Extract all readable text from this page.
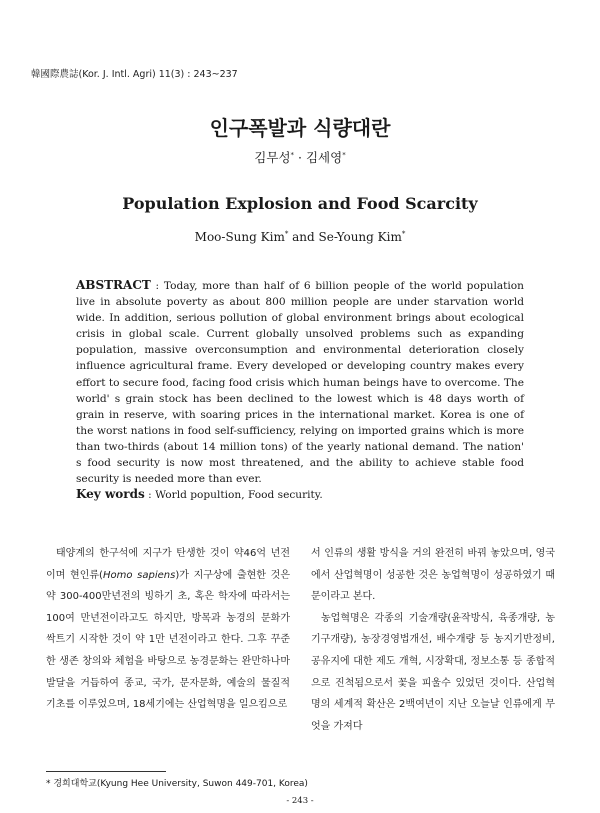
韓國際農誌(Kor. J. Intl. Agri) 11(3) : 243~237
인구폭발과 식량대란
김무성* · 김세영*
Population Explosion and Food Scarcity
Moo-Sung Kim* and Se-Young Kim*
ABSTRACT : Today, more than half of 6 billion people of the world population live in absolute poverty as about 800 million people are under starvation world wide. In addition, serious pollution of global environment brings about ecological crisis in global scale. Current globally unsolved problems such as expanding population, massive overconsumption and environmental deterioration closely influence agricultural frame. Every developed or developing country makes every effort to secure food, facing food crisis which human beings have to overcome. The world' s grain stock has been declined to the lowest which is 48 days worth of grain in reserve, with soaring prices in the international market. Korea is one of the worst nations in food self-sufficiency, relying on imported grains which is more than two-thirds (about 14 million tons) of the yearly national demand. The nation' s food security is now most threatened, and the ability to achieve stable food security is needed more than ever.
Key words : World popultion, Food security.

태양계의 한구석에 지구가 탄생한 것이 약46억 년전이며 현인류(Homo sapiens)가 지구상에 출현한 것은 약 300-400만년전의 빙하기 초, 혹은 학자에 따라서는 100여 만년전이라고도 하지만, 방목과 농경의 문화가 싹트기 시작한 것이 약 1만 년전이라고 한다. 그후 꾸준한 생존 창의와 체험을 바탕으로 농경문화는 완만하나마 발달을 거듭하여 종교, 국가, 문자문화, 예술의 물질적 기초를 이루었으며, 18세기에는 산업혁명을 일으킴으로

서 인류의 생활 방식을 거의 완전히 바꿔 놓았으며, 영국에서 산업혁명이 성공한 것은 농업혁명이 성공하였기 때문이라고 본다.

농업혁명은 각종의 기술개량(윤작방식, 육종개량, 농기구개량), 농장경영법개선, 배수개량 등 농지기반정비, 공유지에 대한 제도 개혁, 시장확대, 정보소통 등 종합적으로 진척됨으로서 꽃을 피울수 있었던 것이다. 산업혁명의 세계적 확산은 2백여년이 지난 오늘날 인류에게 무엇을 가져다

* 경희대학교(Kyung Hee University, Suwon 449-701, Korea)
- 243 -
